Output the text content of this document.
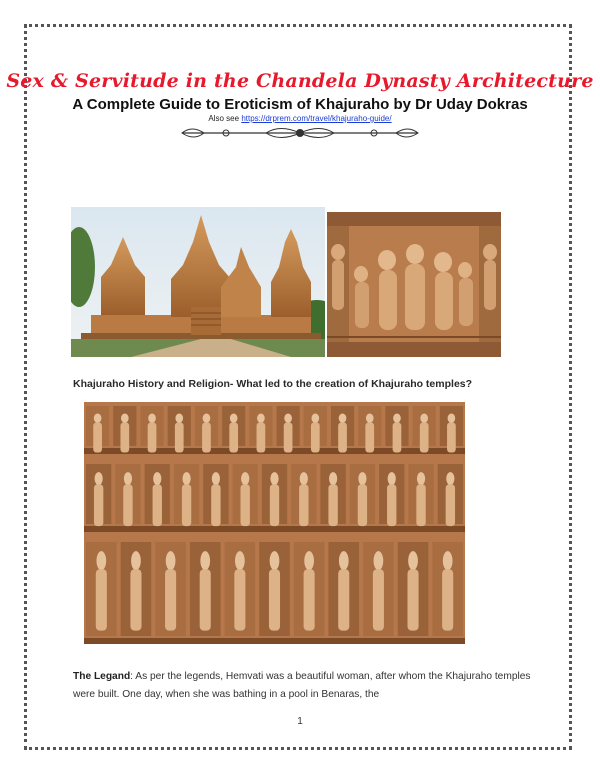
Sex & Servitude in the Chandela Dynasty Architecture
A Complete Guide to Eroticism of Khajuraho by Dr Uday Dokras
Also see https://drprem.com/travel/khajuraho-guide/
Khajuraho History and Religion- What led to the creation of Khajuraho temples?
The Legand: As per the legends, Hemvati was a beautiful woman, after whom the Khajuraho temples were built. One day, when she was bathing in a pool in Benaras, the
1
